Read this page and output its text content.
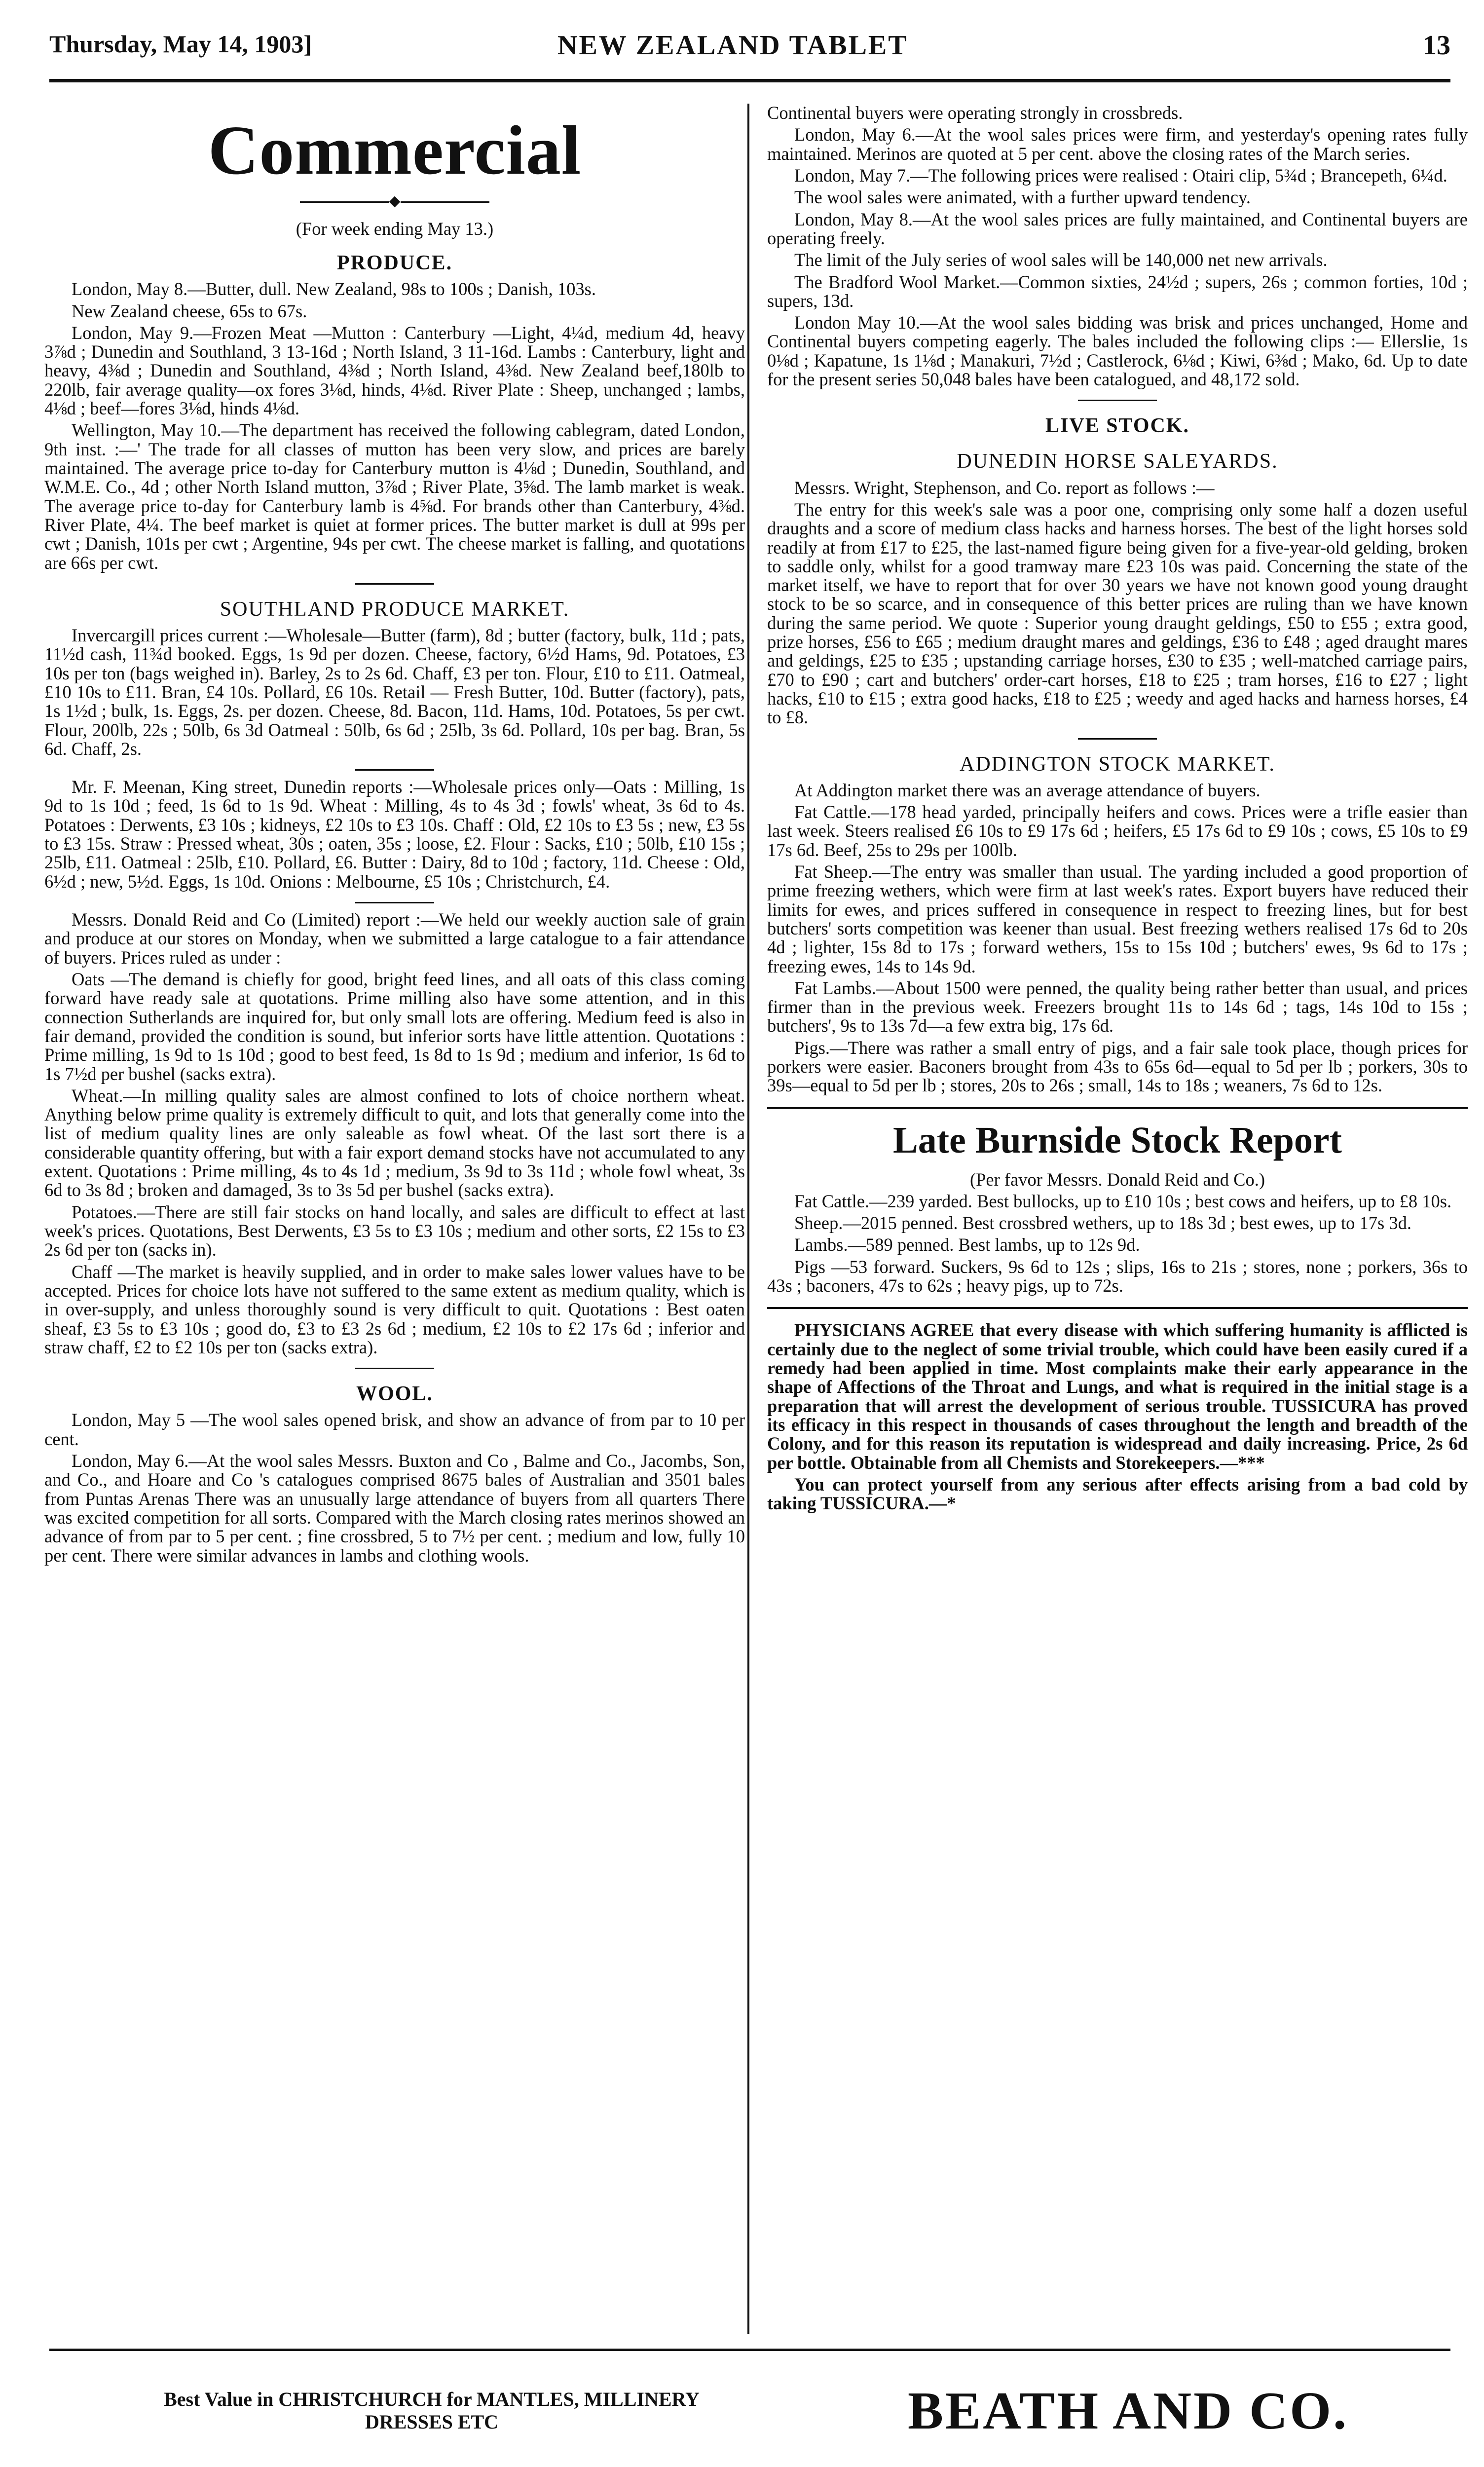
Thursday, May 14, 1903]	NEW ZEALAND TABLET	13
Commercial

(For week ending May 13.)

PRODUCE.

London, May 8.—Butter, dull. New Zealand, 98s to 100s ; Danish, 103s.

New Zealand cheese, 65s to 67s.

London, May 9.—Frozen Meat —Mutton : Canterbury —Light, 4¼d, medium 4d, heavy 3⅞d ; Dunedin and Southland, 3 13-16d ; North Island, 3 11-16d. Lambs : Canterbury, light and heavy, 4⅜d ; Dunedin and Southland, 4⅜d ; North Island, 4⅜d. New Zealand beef,180lb to 220lb, fair average quality—ox fores 3⅛d, hinds, 4⅛d. River Plate : Sheep, unchanged ; lambs, 4⅛d ; beef—fores 3⅛d, hinds 4⅛d.

Wellington, May 10.—The department has received the following cablegram, dated London, 9th inst. :—' The trade for all classes of mutton has been very slow, and prices are barely maintained. The average price to-day for Canterbury mutton is 4⅛d ; Dunedin, Southland, and W.M.E. Co., 4d ; other North Island mutton, 3⅞d ; River Plate, 3⅝d. The lamb market is weak. The average price to-day for Canterbury lamb is 4⅝d. For brands other than Canterbury, 4⅜d. River Plate, 4¼. The beef market is quiet at former prices. The butter market is dull at 99s per cwt ; Danish, 101s per cwt ; Argentine, 94s per cwt. The cheese market is falling, and quotations are 66s per cwt.

SOUTHLAND PRODUCE MARKET.

Invercargill prices current :—Wholesale—Butter (farm), 8d ; butter (factory, bulk, 11d ; pats, 11½d cash, 11¾d booked. Eggs, 1s 9d per dozen. Cheese, factory, 6½d Hams, 9d. Potatoes, £3 10s per ton (bags weighed in). Barley, 2s to 2s 6d. Chaff, £3 per ton. Flour, £10 to £11. Oatmeal, £10 10s to £11. Bran, £4 10s. Pollard, £6 10s. Retail — Fresh Butter, 10d. Butter (factory), pats, 1s 1½d ; bulk, 1s. Eggs, 2s. per dozen. Cheese, 8d. Bacon, 11d. Hams, 10d. Potatoes, 5s per cwt. Flour, 200lb, 22s ; 50lb, 6s 3d Oatmeal : 50lb, 6s 6d ; 25lb, 3s 6d. Pollard, 10s per bag. Bran, 5s 6d. Chaff, 2s.

Mr. F. Meenan, King street, Dunedin reports :—Wholesale prices only—Oats : Milling, 1s 9d to 1s 10d ; feed, 1s 6d to 1s 9d. Wheat : Milling, 4s to 4s 3d ; fowls' wheat, 3s 6d to 4s. Potatoes : Derwents, £3 10s ; kidneys, £2 10s to £3 10s. Chaff : Old, £2 10s to £3 5s ; new, £3 5s to £3 15s. Straw : Pressed wheat, 30s ; oaten, 35s ; loose, £2. Flour : Sacks, £10 ; 50lb, £10 15s ; 25lb, £11. Oatmeal : 25lb, £10. Pollard, £6. Butter : Dairy, 8d to 10d ; factory, 11d. Cheese : Old, 6½d ; new, 5½d. Eggs, 1s 10d. Onions : Melbourne, £5 10s ; Christchurch, £4.

Messrs. Donald Reid and Co (Limited) report :—We held our weekly auction sale of grain and produce at our stores on Monday, when we submitted a large catalogue to a fair attendance of buyers. Prices ruled as under :

Oats —The demand is chiefly for good, bright feed lines, and all oats of this class coming forward have ready sale at quotations. Prime milling also have some attention, and in this connection Sutherlands are inquired for, but only small lots are offering. Medium feed is also in fair demand, provided the condition is sound, but inferior sorts have little attention. Quotations : Prime milling, 1s 9d to 1s 10d ; good to best feed, 1s 8d to 1s 9d ; medium and inferior, 1s 6d to 1s 7½d per bushel (sacks extra).

Wheat.—In milling quality sales are almost confined to lots of choice northern wheat. Anything below prime quality is extremely difficult to quit, and lots that generally come into the list of medium quality lines are only saleable as fowl wheat. Of the last sort there is a considerable quantity offering, but with a fair export demand stocks have not accumulated to any extent. Quotations : Prime milling, 4s to 4s 1d ; medium, 3s 9d to 3s 11d ; whole fowl wheat, 3s 6d to 3s 8d ; broken and damaged, 3s to 3s 5d per bushel (sacks extra).

Potatoes.—There are still fair stocks on hand locally, and sales are difficult to effect at last week's prices. Quotations, Best Derwents, £3 5s to £3 10s ; medium and other sorts, £2 15s to £3 2s 6d per ton (sacks in).

Chaff —The market is heavily supplied, and in order to make sales lower values have to be accepted. Prices for choice lots have not suffered to the same extent as medium quality, which is in over-supply, and unless thoroughly sound is very difficult to quit. Quotations : Best oaten sheaf, £3 5s to £3 10s ; good do, £3 to £3 2s 6d ; medium, £2 10s to £2 17s 6d ; inferior and straw chaff, £2 to £2 10s per ton (sacks extra).

WOOL.

London, May 5 —The wool sales opened brisk, and show an advance of from par to 10 per cent.

London, May 6.—At the wool sales Messrs. Buxton and Co , Balme and Co., Jacombs, Son, and Co., and Hoare and Co 's catalogues comprised 8675 bales of Australian and 3501 bales from Puntas Arenas There was an unusually large attendance of buyers from all quarters There was excited competition for all sorts. Compared with the March closing rates merinos showed an advance of from par to 5 per cent. ; fine crossbred, 5 to 7½ per cent. ; medium and low, fully 10 per cent. There were similar advances in lambs and clothing wools.

Continental buyers were operating strongly in crossbreds.

London, May 6.—At the wool sales prices were firm, and yesterday's opening rates fully maintained. Merinos are quoted at 5 per cent. above the closing rates of the March series.

London, May 7.—The following prices were realised : Otairi clip, 5¾d ; Brancepeth, 6¼d.

The wool sales were animated, with a further upward tendency.

London, May 8.—At the wool sales prices are fully maintained, and Continental buyers are operating freely.

The limit of the July series of wool sales will be 140,000 net new arrivals.

The Bradford Wool Market.—Common sixties, 24½d ; supers, 26s ; common forties, 10d ; supers, 13d.

London May 10.—At the wool sales bidding was brisk and prices unchanged, Home and Continental buyers competing eagerly. The bales included the following clips :— Ellerslie, 1s 0⅛d ; Kapatune, 1s 1⅛d ; Manakuri, 7½d ; Castlerock, 6⅛d ; Kiwi, 6⅜d ; Mako, 6d. Up to date for the present series 50,048 bales have been catalogued, and 48,172 sold.

LIVE STOCK.
DUNEDIN HORSE SALEYARDS.

Messrs. Wright, Stephenson, and Co. report as follows :—

The entry for this week's sale was a poor one, comprising only some half a dozen useful draughts and a score of medium class hacks and harness horses. The best of the light horses sold readily at from £17 to £25, the last-named figure being given for a five-year-old gelding, broken to saddle only, whilst for a good tramway mare £23 10s was paid. Concerning the state of the market itself, we have to report that for over 30 years we have not known good young draught stock to be so scarce, and in consequence of this better prices are ruling than we have known during the same period. We quote : Superior young draught geldings, £50 to £55 ; extra good, prize horses, £56 to £65 ; medium draught mares and geldings, £36 to £48 ; aged draught mares and geldings, £25 to £35 ; upstanding carriage horses, £30 to £35 ; well-matched carriage pairs, £70 to £90 ; cart and butchers' order-cart horses, £18 to £25 ; tram horses, £16 to £27 ; light hacks, £10 to £15 ; extra good hacks, £18 to £25 ; weedy and aged hacks and harness horses, £4 to £8.

ADDINGTON STOCK MARKET.

At Addington market there was an average attendance of buyers.

Fat Cattle.—178 head yarded, principally heifers and cows. Prices were a trifle easier than last week. Steers realised £6 10s to £9 17s 6d ; heifers, £5 17s 6d to £9 10s ; cows, £5 10s to £9 17s 6d. Beef, 25s to 29s per 100lb.

Fat Sheep.—The entry was smaller than usual. The yarding included a good proportion of prime freezing wethers, which were firm at last week's rates. Export buyers have reduced their limits for ewes, and prices suffered in consequence in respect to freezing lines, but for best butchers' sorts competition was keener than usual. Best freezing wethers realised 17s 6d to 20s 4d ; lighter, 15s 8d to 17s ; forward wethers, 15s to 15s 10d ; butchers' ewes, 9s 6d to 17s ; freezing ewes, 14s to 14s 9d.

Fat Lambs.—About 1500 were penned, the quality being rather better than usual, and prices firmer than in the previous week. Freezers brought 11s to 14s 6d ; tags, 14s 10d to 15s ; butchers', 9s to 13s 7d—a few extra big, 17s 6d.

Pigs.—There was rather a small entry of pigs, and a fair sale took place, though prices for porkers were easier. Baconers brought from 43s to 65s 6d—equal to 5d per lb ; porkers, 30s to 39s—equal to 5d per lb ; stores, 20s to 26s ; small, 14s to 18s ; weaners, 7s 6d to 12s.

Late Burnside Stock Report

(Per favor Messrs. Donald Reid and Co.)

Fat Cattle.—239 yarded. Best bullocks, up to £10 10s ; best cows and heifers, up to £8 10s.

Sheep.—2015 penned. Best crossbred wethers, up to 18s 3d ; best ewes, up to 17s 3d.

Lambs.—589 penned. Best lambs, up to 12s 9d.

Pigs —53 forward. Suckers, 9s 6d to 12s ; slips, 16s to 21s ; stores, none ; porkers, 36s to 43s ; baconers, 47s to 62s ; heavy pigs, up to 72s.

PHYSICIANS AGREE that every disease with which suffering humanity is afflicted is certainly due to the neglect of some trivial trouble, which could have been easily cured if a remedy had been applied in time. Most complaints make their early appearance in the shape of Affections of the Throat and Lungs, and what is required in the initial stage is a preparation that will arrest the development of serious trouble. TUSSICURA has proved its efficacy in this respect in thousands of cases throughout the length and breadth of the Colony, and for this reason its reputation is widespread and daily increasing. Price, 2s 6d per bottle. Obtainable from all Chemists and Storekeepers.—***

You can protect yourself from any serious after effects arising from a bad cold by taking TUSSICURA.—*

Best Value in CHRISTCHURCH for MANTLES, MILLINERY DRESSES ETC	BEATH AND CO.
